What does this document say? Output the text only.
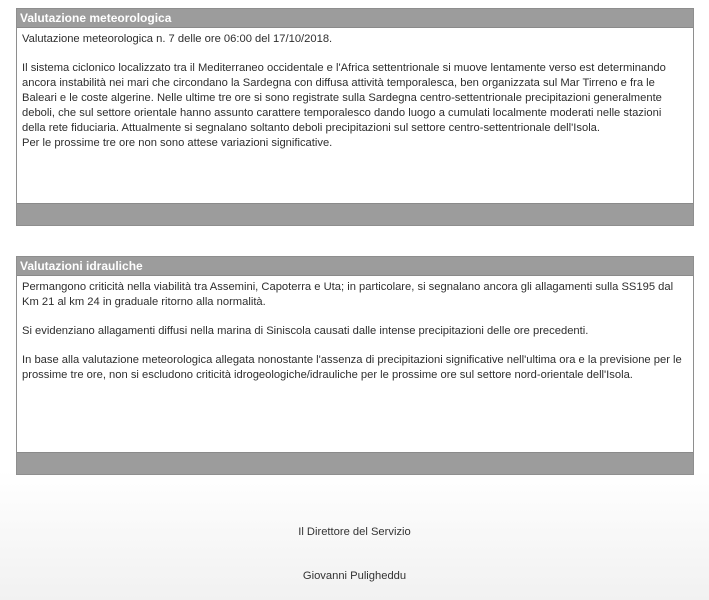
Valutazione meteorologica

Valutazione meteorologica n. 7 delle ore 06:00 del 17/10/2018.

Il sistema ciclonico localizzato tra il Mediterraneo occidentale e l'Africa settentrionale si muove lentamente verso est determinando ancora instabilità nei mari che circondano la Sardegna con diffusa attività temporalesca, ben organizzata sul Mar Tirreno e fra le Baleari e le coste algerine. Nelle ultime tre ore si sono registrate sulla Sardegna centro-settentrionale precipitazioni generalmente deboli, che sul settore orientale hanno assunto carattere temporalesco dando luogo a cumulati localmente moderati nelle stazioni della rete fiduciaria. Attualmente si segnalano soltanto deboli precipitazioni sul settore centro-settentrionale dell'Isola.

Per le prossime tre ore non sono attese variazioni significative.

Valutazioni idrauliche

Permangono criticità nella viabilità tra Assemini, Capoterra e Uta; in particolare, si segnalano ancora gli allagamenti sulla SS195 dal Km 21 al km 24 in graduale ritorno alla normalità.

Si evidenziano allagamenti diffusi nella marina di Siniscola causati dalle intense precipitazioni delle ore precedenti.

In base alla valutazione meteorologica allegata nonostante l'assenza di precipitazioni significative nell'ultima ora e la previsione per le prossime tre ore, non si escludono criticità idrogeologiche/idrauliche per le prossime ore sul settore nord-orientale dell'Isola.

Il Direttore del Servizio
Giovanni Puligheddu
